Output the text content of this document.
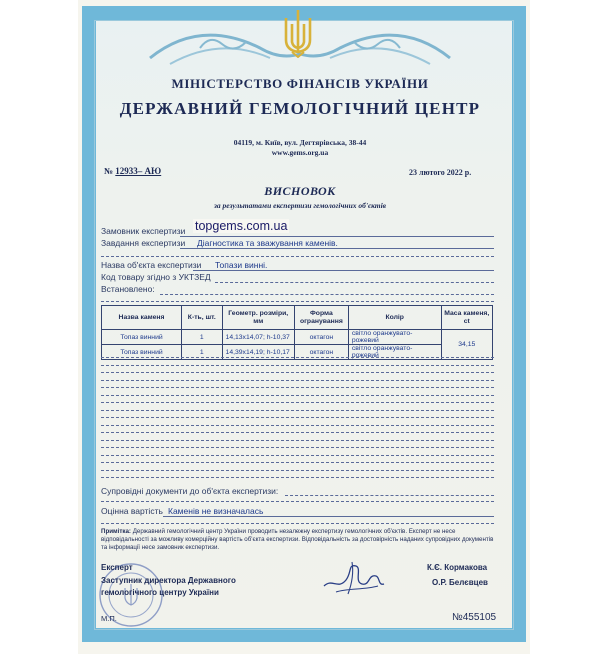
МІНІСТЕРСТВО ФІНАНСІВ УКРАЇНИ
ДЕРЖАВНИЙ ГЕМОЛОГІЧНИЙ ЦЕНТР
04119, м. Київ, вул. Дегтярівська, 38-44
www.gems.org.ua
№ 12933– АЮ	23 лютого 2022 р.
ВИСНОВОК
за результатами експертизи гемологічних об'єктів
Замовник експертизи topgems.com.ua
Завдання експертизи Діагностика та зважування каменів.
Назва об'єкта експертизи Топази винні.
Код товару згідно з УКТЗЕД
Встановлено:
Назва каменя	К-ть, шт.	Геометр. розміри, мм	Форма огранування	Колір	Маса каменя, ct
Топаз винний	1	14,13x14,07; h-10,37	октагон	світло оранжувато-рожевий	34,15
Топаз винний	1	14,39x14,19; h-10,17	октагон	світло оранжувато-рожевий	
Супровідні документи до об'єкта експертизи:
Оцінна вартість Каменів не визначалась
Примітка: Державний гемологічний центр України проводить незалежну експертизу гемологічних об'єктів. Експерт не несе відповідальності за можливу комерційну вартість об'єкта експертизи. Відповідальність за достовірність наданих супровідних документів та інформації несе замовник експертизи.
Експерт	К.Є. Кормакова
Заступник директора Державного
гемологічного центру України
О.Р. Белєвцев
М.П.	№455105
